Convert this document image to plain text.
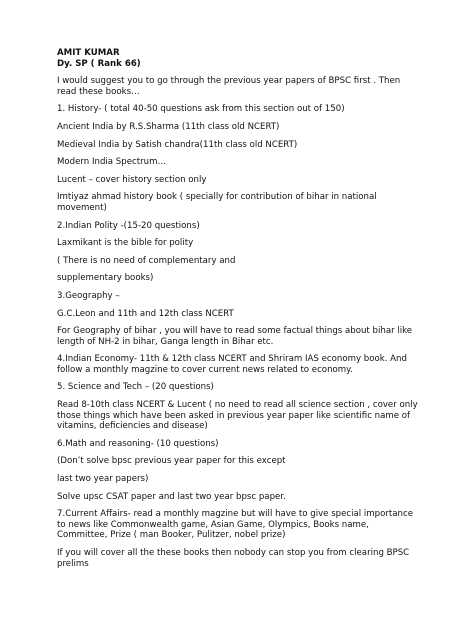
AMIT KUMAR
Dy. SP ( Rank 66)

I would suggest you to go through the previous year papers of BPSC first . Then read these books…

1. History- ( total 40-50 questions ask from this section out of 150)

Ancient India by R.S.Sharma (11th class old NCERT)

Medieval India by Satish chandra(11th class old NCERT)

Modern India Spectrum…

Lucent – cover history section only

Imtiyaz ahmad history book ( specially for contribution of bihar in national movement)

2.Indian Polity -(15-20 questions)

Laxmikant is the bible for polity

( There is no need of complementary and

supplementary books)

3.Geography –

G.C.Leon and 11th and 12th class NCERT

For Geography of bihar , you will have to read some factual things about bihar like length of NH-2 in bihar, Ganga length in Bihar etc.

4.Indian Economy- 11th & 12th class NCERT and Shriram IAS economy book. And follow a monthly magzine to cover current news related to economy.

5. Science and Tech – (20 questions)

Read 8-10th class NCERT & Lucent ( no need to read all science section , cover only those things which have been asked in previous year paper like scientific name of vitamins, deficiencies and disease)

6.Math and reasoning- (10 questions)

(Don’t solve bpsc previous year paper for this except

last two year papers)

Solve upsc CSAT paper and last two year bpsc paper.

7.Current Affairs- read a monthly magzine but will have to give special importance to news like Commonwealth game, Asian Game, Olympics, Books name, Committee, Prize ( man Booker, Pulitzer, nobel prize)

If you will cover all the these books then nobody can stop you from clearing BPSC prelims
